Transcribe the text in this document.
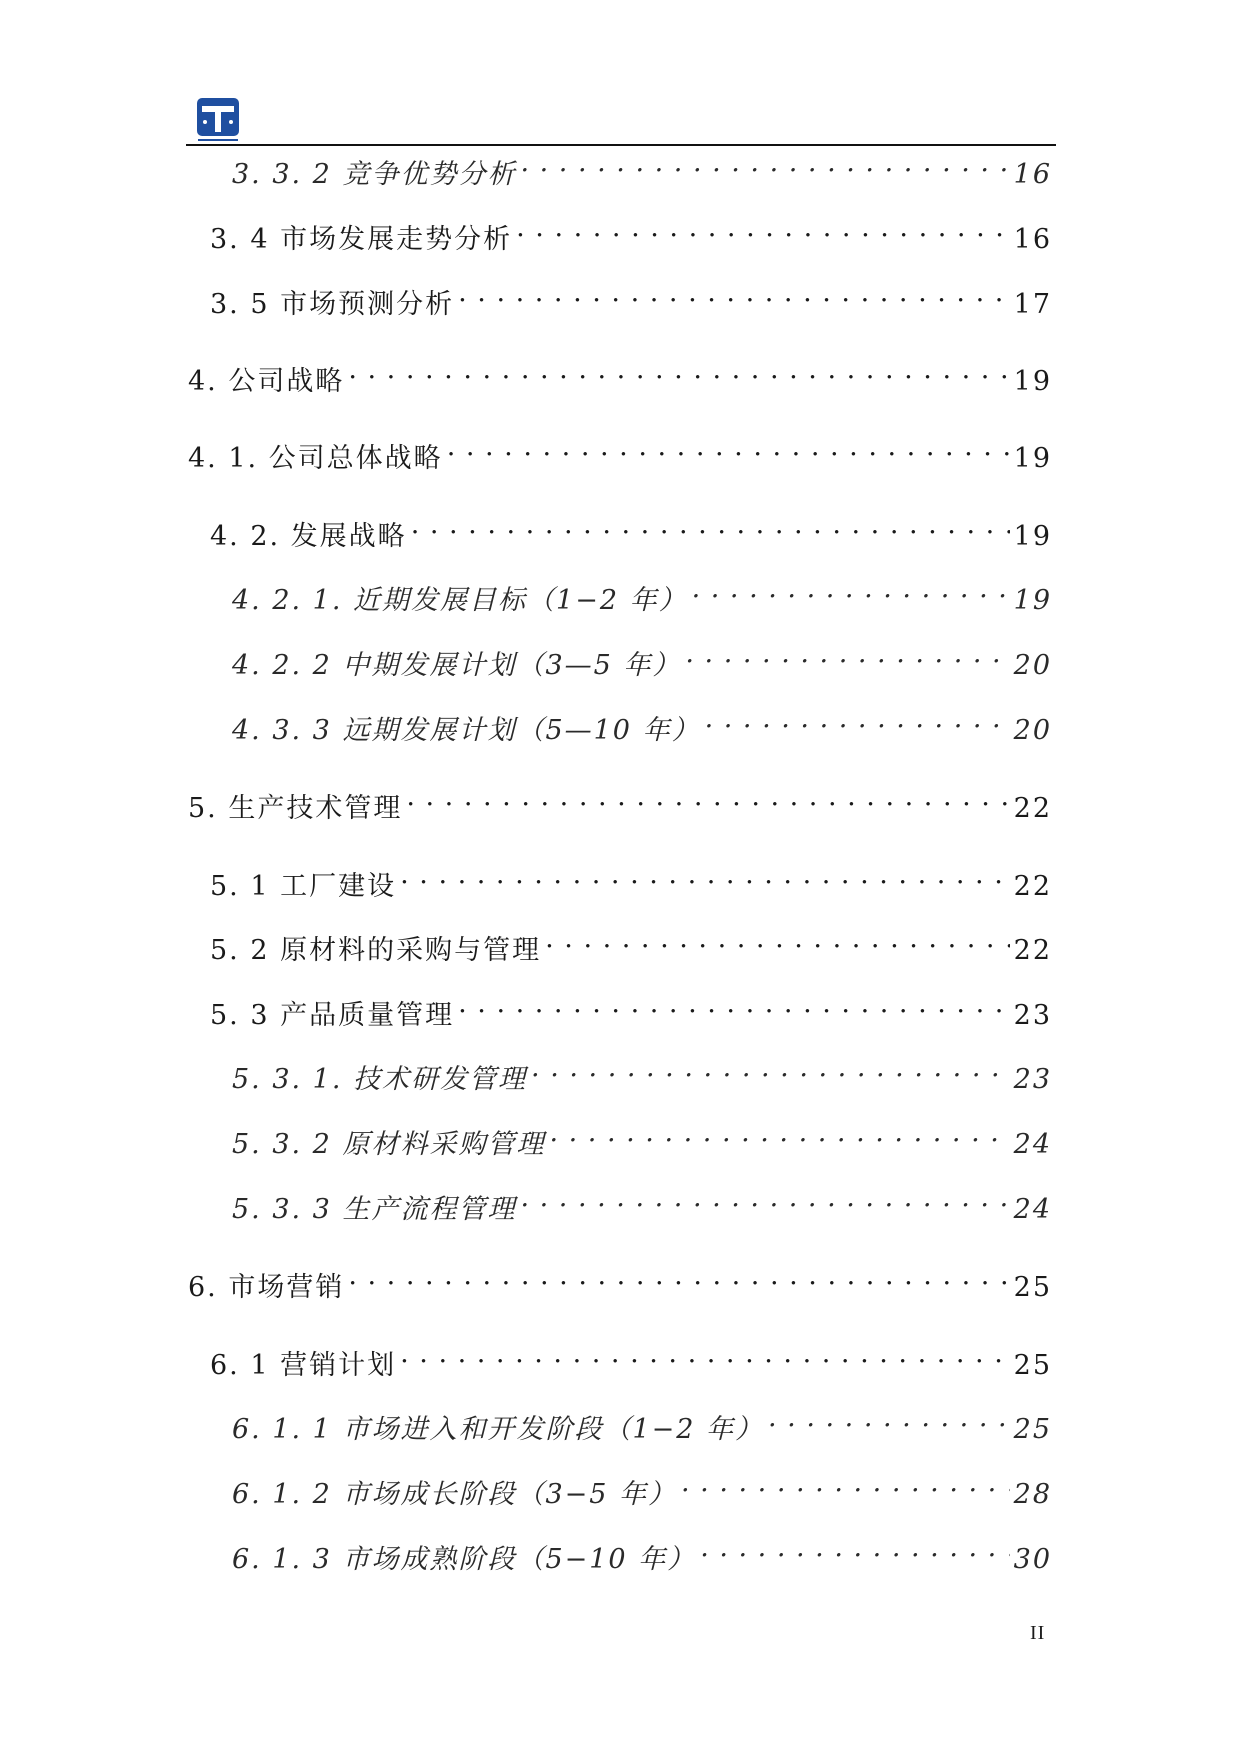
3. 3. 2 竞争优势分析 . . .	16
3. 4 市场发展走势分析 . . .	16
3. 5 市场预测分析 . . .	17
4. 公司战略 . . .	19
4. 1. 公司总体战略 . . .	19
4. 2. 发展战略 . . .	19
4. 2. 1. 近期发展目标（1−2 年） . . .	19
4. 2. 2 中期发展计划（3—5 年） . . .	20
4. 3. 3 远期发展计划（5—10 年） . . .	20
5. 生产技术管理 . . .	22
5. 1 工厂建设 . . .	22
5. 2 原材料的采购与管理 . . .	22
5. 3 产品质量管理 . . .	23
5. 3. 1. 技术研发管理 . . .	23
5. 3. 2 原材料采购管理 . . .	24
5. 3. 3 生产流程管理 . . .	24
6. 市场营销 . . .	25
6. 1 营销计划 . . .	25
6. 1. 1 市场进入和开发阶段（1−2 年） . . .	25
6. 1. 2 市场成长阶段（3−5 年） . . .	28
6. 1. 3 市场成熟阶段（5−10 年） . . .	30
II
